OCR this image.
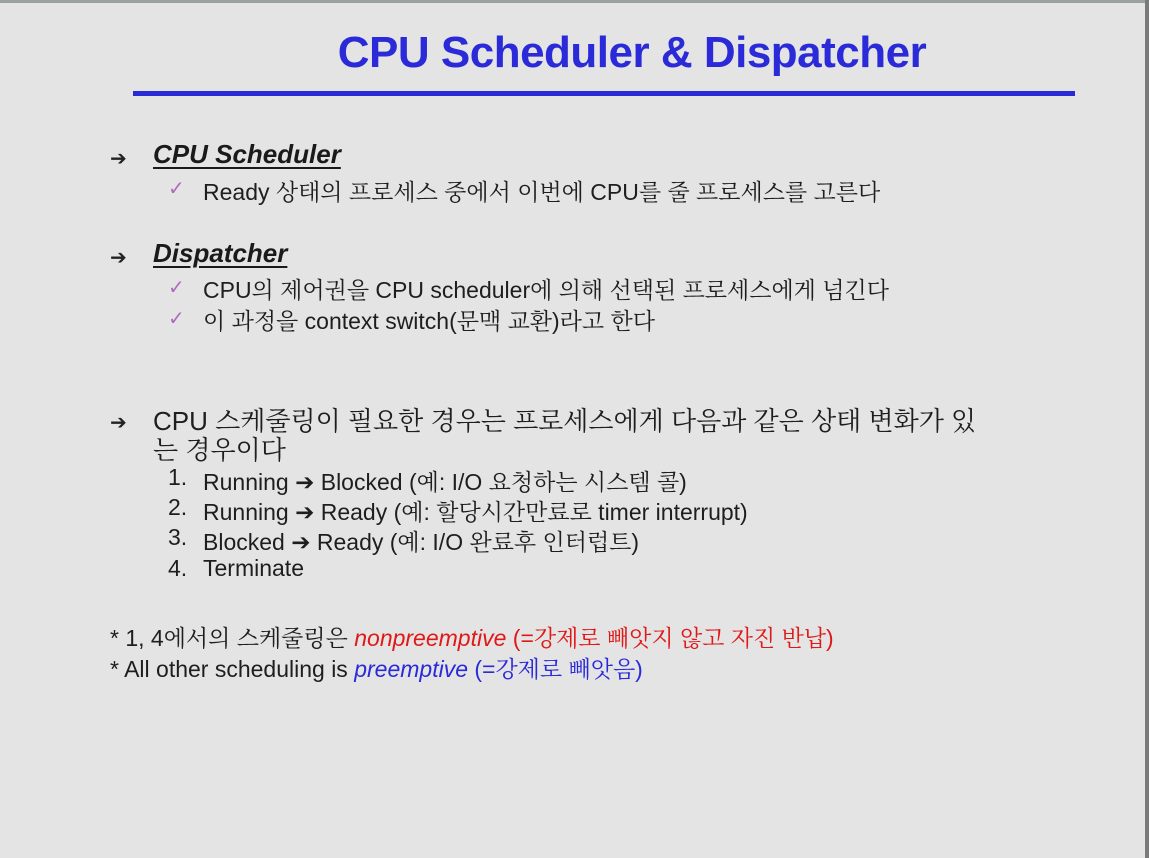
CPU Scheduler & Dispatcher
➔ CPU Scheduler
✓ Ready 상태의 프로세스 중에서 이번에 CPU를 줄 프로세스를 고른다
➔ Dispatcher
✓ CPU의 제어권을 CPU scheduler에 의해 선택된 프로세스에게 넘긴다
✓ 이 과정을 context switch(문맥 교환)라고 한다
➔ CPU 스케줄링이 필요한 경우는 프로세스에게 다음과 같은 상태 변화가 있
는 경우이다
1. Running ➔ Blocked (예: I/O 요청하는 시스템 콜)
2. Running ➔ Ready (예: 할당시간만료로 timer interrupt)
3. Blocked ➔ Ready (예: I/O 완료후 인터럽트)
4. Terminate
* 1, 4에서의 스케줄링은 nonpreemptive (=강제로 빼앗지 않고 자진 반납)
* All other scheduling is preemptive (=강제로 빼앗음)
